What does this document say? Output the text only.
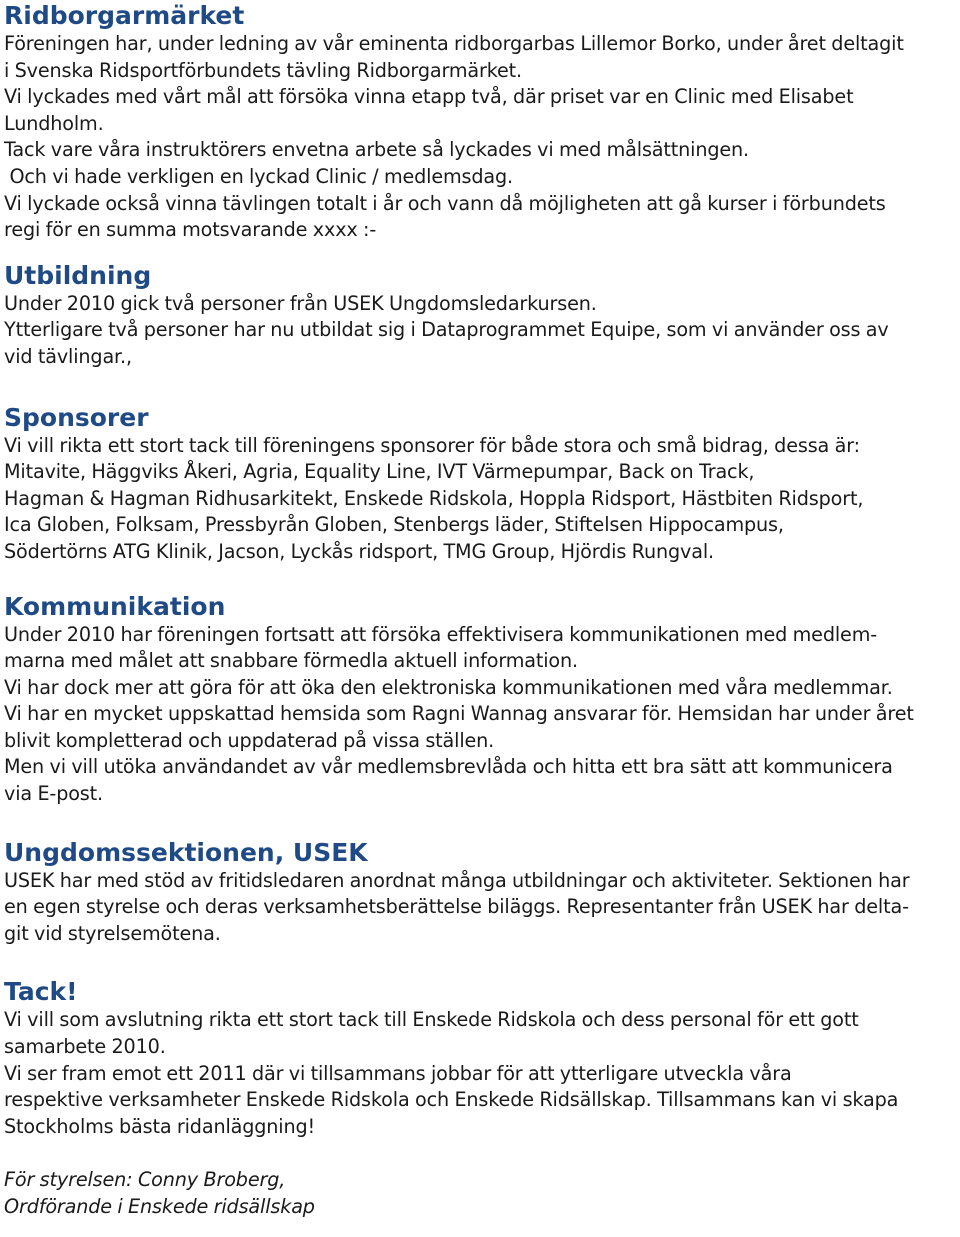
Ridborgarmärket
Föreningen har, under ledning av vår eminenta ridborgarbas Lillemor Borko, under året deltagit
i Svenska Ridsportförbundets tävling Ridborgarmärket.
Vi lyckades med vårt mål att försöka vinna etapp två, där priset var en Clinic med Elisabet
Lundholm.
Tack vare våra instruktörers envetna arbete så lyckades vi med målsättningen.
Och vi hade verkligen en lyckad Clinic / medlemsdag.
Vi lyckade också vinna tävlingen totalt i år och vann då möjligheten att gå kurser i förbundets
regi för en summa motsvarande xxxx :-
Utbildning
Under 2010 gick två personer från USEK Ungdomsledarkursen.
Ytterligare två personer har nu utbildat sig i Dataprogrammet Equipe, som vi använder oss av
vid tävlingar.,
Sponsorer
Vi vill rikta ett stort tack till föreningens sponsorer för både stora och små bidrag, dessa är:
Mitavite, Häggviks Åkeri, Agria, Equality Line, IVT Värmepumpar, Back on Track,
Hagman & Hagman Ridhusarkitekt, Enskede Ridskola, Hoppla Ridsport, Hästbiten Ridsport,
Ica Globen, Folksam, Pressbyrån Globen, Stenbergs läder, Stiftelsen Hippocampus,
Södertörns ATG Klinik, Jacson, Lyckås ridsport, TMG Group, Hjördis Rungval.
Kommunikation
Under 2010 har föreningen fortsatt att försöka effektivisera kommunikationen med medlem-
marna med målet att snabbare förmedla aktuell information.
Vi har dock mer att göra för att öka den elektroniska kommunikationen med våra medlemmar.
Vi har en mycket uppskattad hemsida som Ragni Wannag ansvarar för. Hemsidan har under året
blivit kompletterad och uppdaterad på vissa ställen.
Men vi vill utöka användandet av vår medlemsbrevlåda och hitta ett bra sätt att kommunicera
via E-post.
Ungdomssektionen, USEK
USEK har med stöd av fritidsledaren anordnat många utbildningar och aktiviteter. Sektionen har
en egen styrelse och deras verksamhetsberättelse biläggs. Representanter från USEK har delta-
git vid styrelsemötena.
Tack!
Vi vill som avslutning rikta ett stort tack till Enskede Ridskola och dess personal för ett gott
samarbete 2010.
Vi ser fram emot ett 2011 där vi tillsammans jobbar för att ytterligare utveckla våra
respektive verksamheter Enskede Ridskola och Enskede Ridsällskap. Tillsammans kan vi skapa
Stockholms bästa ridanläggning!
För styrelsen: Conny Broberg,
Ordförande i Enskede ridsällskap
